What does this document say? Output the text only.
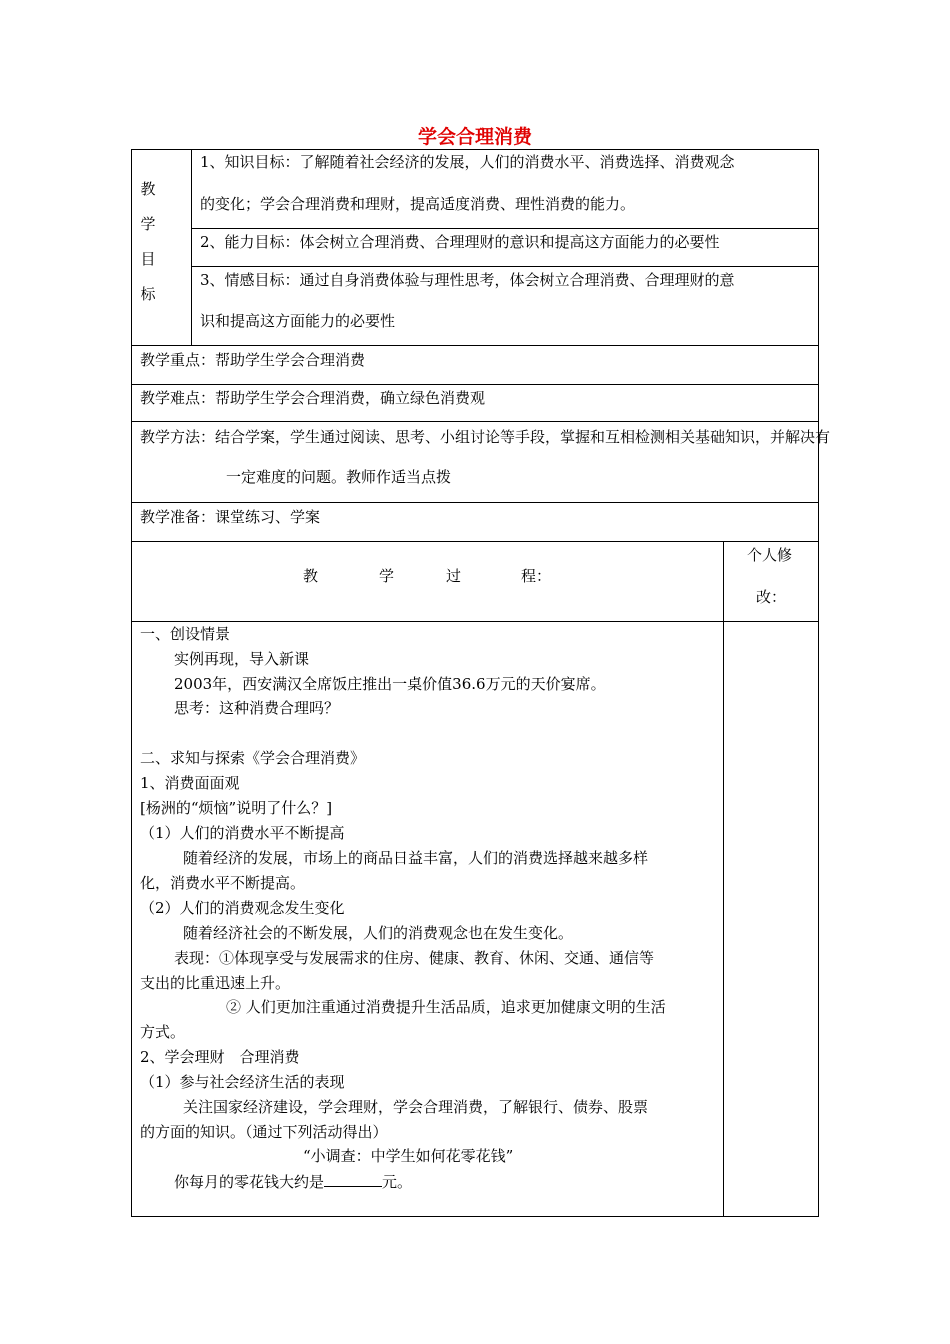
学会合理消费
教
学
目
标
1、知识目标：了解随着社会经济的发展，人们的消费水平、消费选择、消费观念
的变化；学会合理消费和理财，提高适度消费、理性消费的能力。
2、能力目标：体会树立合理消费、合理理财的意识和提高这方面能力的必要性
3、情感目标：通过自身消费体验与理性思考，体会树立合理消费、合理理财的意
识和提高这方面能力的必要性
教学重点：帮助学生学会合理消费
教学难点：帮助学生学会合理消费，确立绿色消费观
教学方法：结合学案，学生通过阅读、思考、小组讨论等手段，掌握和互相检测相关基础知识，并解决有
一定难度的问题。教师作适当点拨
教学准备：课堂练习、学案
教	学	过	程：
个人修
改：
一、创设情景
实例再现，导入新课
2003年，西安满汉全席饭庄推出一桌价值36.6万元的天价宴席。
思考：这种消费合理吗？
二、求知与探索《学会合理消费》
1、消费面面观
[杨洲的“烦恼”说明了什么？]
（1）人们的消费水平不断提高
随着经济的发展，市场上的商品日益丰富，人们的消费选择越来越多样
化，消费水平不断提高。
（2）人们的消费观念发生变化
随着经济社会的不断发展，人们的消费观念也在发生变化。
表现：①体现享受与发展需求的住房、健康、教育、休闲、交通、通信等
支出的比重迅速上升。
② 人们更加注重通过消费提升生活品质，追求更加健康文明的生活
方式。
2、学会理财　合理消费
（1）参与社会经济生活的表现
关注国家经济建设，学会理财，学会合理消费，了解银行、债券、股票
的方面的知识。（通过下列活动得出）
“小调查：中学生如何花零花钱”
你每月的零花钱大约是	元。
